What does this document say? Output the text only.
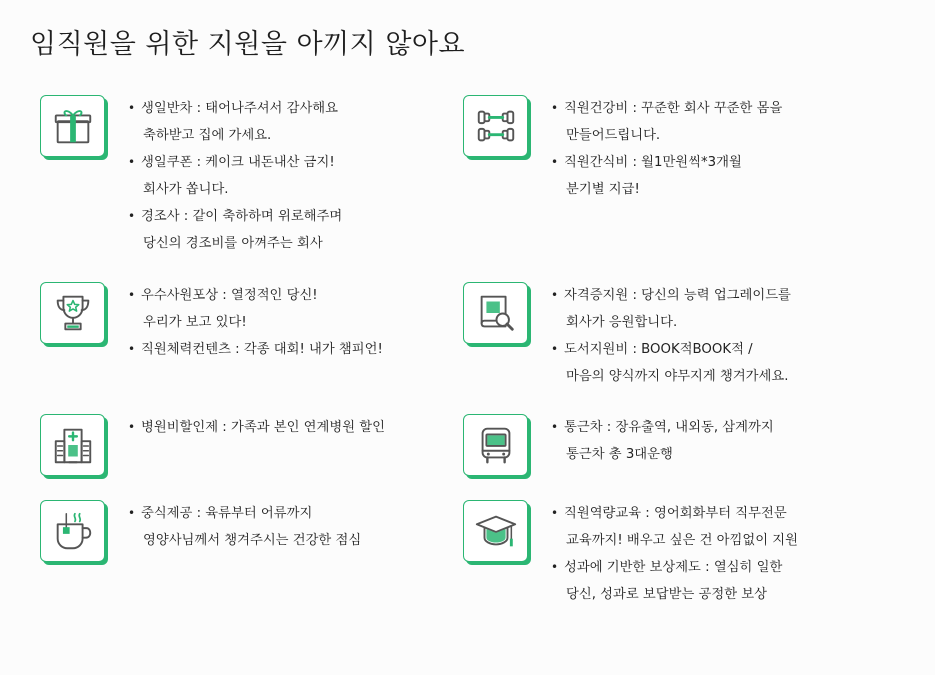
임직원을 위한 지원을 아끼지 않아요
• 생일반차 : 태어나주셔서 감사해요
축하받고 집에 가세요.
• 생일쿠폰 : 케이크 내돈내산 금지!
회사가 쏩니다.
• 경조사 : 같이 축하하며 위로해주며
당신의 경조비를 아껴주는 회사
• 직원건강비 : 꾸준한 회사 꾸준한 몸을
만들어드립니다.
• 직원간식비 : 월1만원씩*3개월
분기별 지급!
• 우수사원포상 : 열정적인 당신!
우리가 보고 있다!
• 직원체력컨텐츠 : 각종 대회! 내가 챔피언!
• 자격증지원 : 당신의 능력 업그레이드를
회사가 응원합니다.
• 도서지원비 : BOOK적BOOK적 /
마음의 양식까지 야무지게 챙겨가세요.
• 병원비할인제 : 가족과 본인 연계병원 할인
•	통근차 : 장유출역, 내외동, 삼계까지
통근차 총 3대운행
• 중식제공 : 육류부터 어류까지
영양사님께서 챙겨주시는 건강한 점심
• 직원역량교육 : 영어회화부터 직무전문
교육까지! 배우고 싶은 건 아낌없이 지원
• 성과에 기반한 보상제도 : 열심히 일한
당신, 성과로 보답받는 공정한 보상
